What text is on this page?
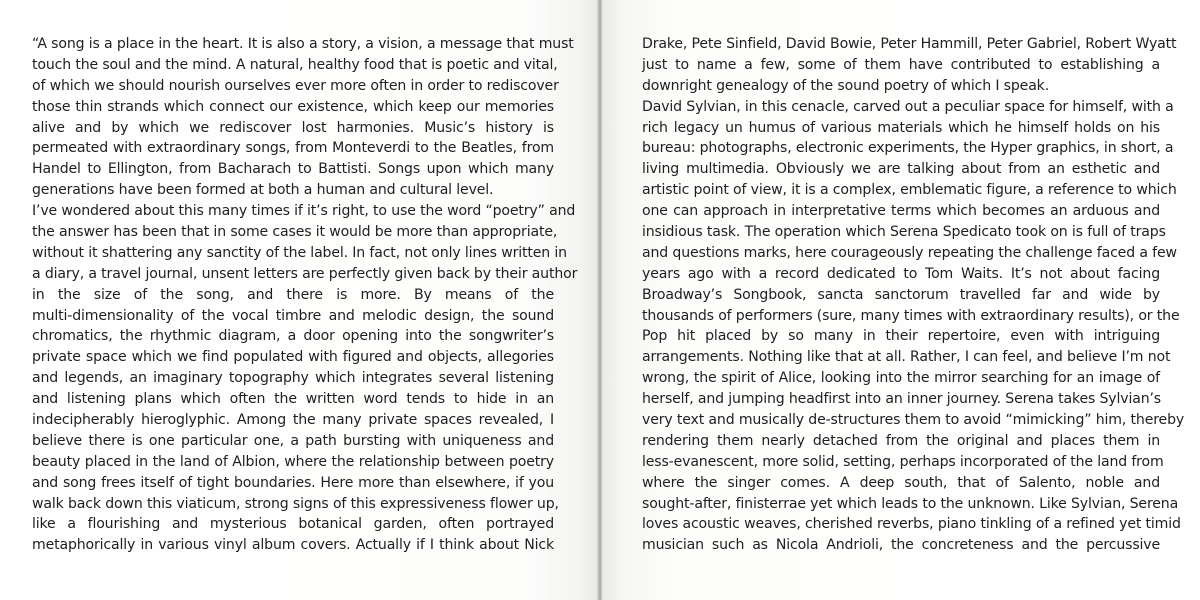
“A song is a place in the heart. It is also a story, a vision, a message that must
touch the soul and the mind. A natural, healthy food that is poetic and vital,
of which we should nourish ourselves ever more often in order to rediscover
those thin strands which connect our existence, which keep our memories
alive and by which we rediscover lost harmonies. Music’s history is
permeated with extraordinary songs, from Monteverdi to the Beatles, from
Handel to Ellington, from Bacharach to Battisti. Songs upon which many
generations have been formed at both a human and cultural level.
I’ve wondered about this many times if it’s right, to use the word “poetry” and
the answer has been that in some cases it would be more than appropriate,
without it shattering any sanctity of the label. In fact, not only lines written in
a diary, a travel journal, unsent letters are perfectly given back by their author
in the size of the song, and there is more. By means of the
multi-dimensionality of the vocal timbre and melodic design, the sound
chromatics, the rhythmic diagram, a door opening into the songwriter’s
private space which we find populated with figured and objects, allegories
and legends, an imaginary topography which integrates several listening
and listening plans which often the written word tends to hide in an
indecipherably hieroglyphic. Among the many private spaces revealed, I
believe there is one particular one, a path bursting with uniqueness and
beauty placed in the land of Albion, where the relationship between poetry
and song frees itself of tight boundaries. Here more than elsewhere, if you
walk back down this viaticum, strong signs of this expressiveness flower up,
like a flourishing and mysterious botanical garden, often portrayed
metaphorically in various vinyl album covers. Actually if I think about Nick
Drake, Pete Sinfield, David Bowie, Peter Hammill, Peter Gabriel, Robert Wyatt
just to name a few, some of them have contributed to establishing a
downright genealogy of the sound poetry of which I speak.
David Sylvian, in this cenacle, carved out a peculiar space for himself, with a
rich legacy un humus of various materials which he himself holds on his
bureau: photographs, electronic experiments, the Hyper graphics, in short, a
living multimedia. Obviously we are talking about from an esthetic and
artistic point of view, it is a complex, emblematic figure, a reference to which
one can approach in interpretative terms which becomes an arduous and
insidious task. The operation which Serena Spedicato took on is full of traps
and questions marks, here courageously repeating the challenge faced a few
years ago with a record dedicated to Tom Waits. It’s not about facing
Broadway’s Songbook, sancta sanctorum travelled far and wide by
thousands of performers (sure, many times with extraordinary results), or the
Pop hit placed by so many in their repertoire, even with intriguing
arrangements. Nothing like that at all. Rather, I can feel, and believe I’m not
wrong, the spirit of Alice, looking into the mirror searching for an image of
herself, and jumping headfirst into an inner journey. Serena takes Sylvian’s
very text and musically de-structures them to avoid “mimicking” him, thereby
rendering them nearly detached from the original and places them in
less-evanescent, more solid, setting, perhaps incorporated of the land from
where the singer comes. A deep south, that of Salento, noble and
sought-after, finisterrae yet which leads to the unknown. Like Sylvian, Serena
loves acoustic weaves, cherished reverbs, piano tinkling of a refined yet timid
musician such as Nicola Andrioli, the concreteness and the percussive
